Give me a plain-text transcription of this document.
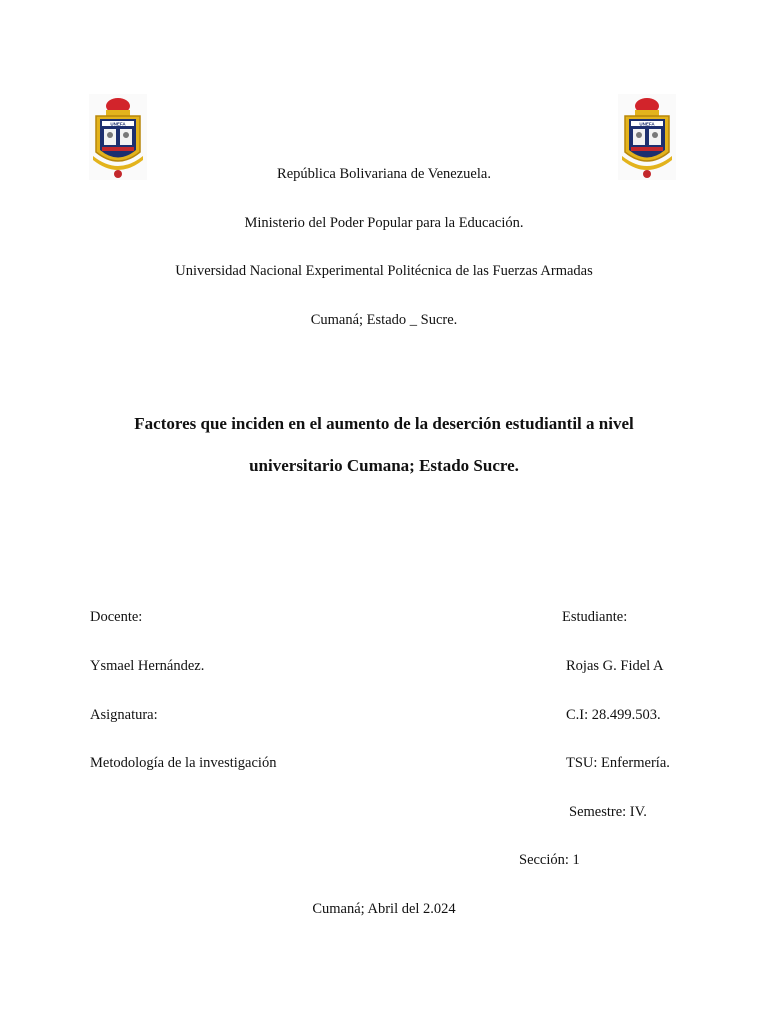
UNEFA	UNEFA
República Bolivariana de Venezuela.
Ministerio del Poder Popular para la Educación.
Universidad Nacional Experimental Politécnica de las Fuerzas Armadas
Cumaná; Estado _ Sucre.
Factores que inciden en el aumento de la deserción estudiantil a nivel
universitario Cumana; Estado Sucre.
Docente:
Ysmael Hernández.
Asignatura:
Metodología de la investigación
Estudiante:
Rojas G. Fidel A
C.I: 28.499.503.
TSU: Enfermería.
Semestre: IV.
Sección: 1
Cumaná; Abril del 2.024
